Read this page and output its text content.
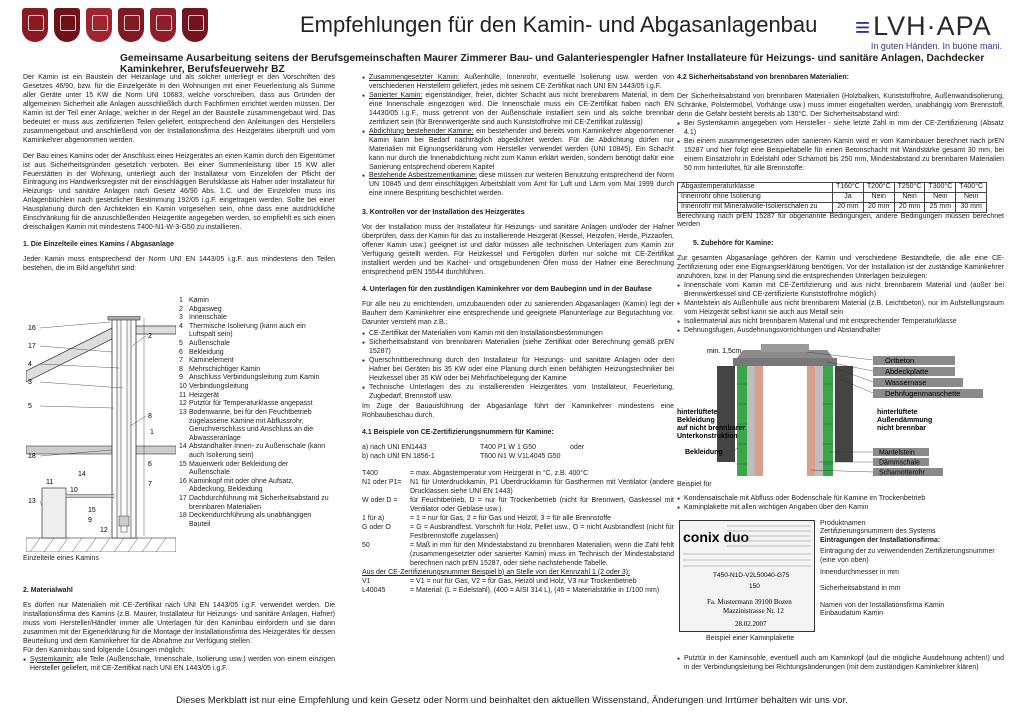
Empfehlungen für den Kamin- und Abgasanlagenbau ≡ LVH·APA
In guten Händen. In buone mani.
Gemeinsame Ausarbeitung seitens der Berufsgemeinschaften Maurer Zimmerer Bau- und Galanteriespengler Hafner Installateure für Heizungs- und sanitäre Anlagen, Dachdecker Kaminkehrer, Berufsfeuerwehr BZ

Der Kamin ist ein Baustein der Heizanlage und als solcher unterliegt er den Vorschriften des Gesetzes 46/90, bzw. für die Einzelgeräte in den Wohnungen mit einer Feuerleistung als Summe aller Geräte unter 15 KW die Norm UNI 10683, welche vorschreiben, dass aus Gründen der allgemeinen Sicherheit alle Anlagen ausschließlich durch Fachfirmen errichtet werden müssen. Der Kamin ist der Teil einer Anlage, welcher in der Regel an der Baustelle zusammengebaut wird. Das bedeutet er muss aus zertifizierten Teilen geliefert, entsprechend den Anleitungen des Herstellers zusammengebaut und anschließend von der Installationsfirma des Heizgerätes überprüft und vom Kaminkehrer abgenommen werden.

Der Bau eines Kamins oder der Anschluss eines Heizgerätes an einen Kamin durch den Eigentümer ist aus Sicherheitsgründen gesetzlich verboten. Bei einer Summenleistung über 15 KW aller Feuerstätten in der Wohnung, unterliegt auch der Installateur vom Einzelofen der Pflicht der Eintragung ins Handwerksregister mit der einschlägigen Berufsklasse als Hafner oder Installateur für Heizungs- und sanitäre Anlagen nach Gesetz 46/90 Abs. 1.C. und der Einzelofen muss ins Anlagenbüchlein nach gesetzlicher Bestimmung 192/05 i.g.F. eingetragen werden. Sollte bei einer Hausplanung durch den Architekten ein Kamin vorgesehen sein, ohne dass eine ausdrückliche Einschränkung für die anzuschließenden Heizgeräte angegeben werden, so empfiehlt es sich einen dreischaligen Kamin mit mindestens T400-N1-W-3-G50 zu installieren.

1. Die Einzelteile eines Kamins / Abgasanlage

Jeder Kamin muss entsprechend der Norm UNI EN 1443/05 i.g.F. aus mindestens den Teilen bestehen, die im Bild angeführt sind:

16
17
4
3
5
2
1
18
8
13
11
10
14
15
9
12
6
7
1 Kamin
2 Abgasweg
3 Innenschale
4 Thermische Isolierung (kann auch ein Luftspalt sein)
5 Außenschale
6 Bekleidung
7 Kaminelement
8 Mehrschichtiger Kamin
9 Anschluss Verbindungsleitung zum Kamin
10 Verbindungsleitung
11 Heizgerät
12 Putztür für Temperaturklasse angepasst
13 Bodenwanne, bei für den Feuchtbetrieb zugelassene Kamine mit Abflussrohr, Geruchverschluss und Anschluss an die Abwasseranlage
14 Abstandhalter Innen- zu Außenschale (kann auch Isolierung sein)
15 Mauerwerk oder Bekleidung der Außenschale
16 Kaminkopf mit oder ohne Aufsatz, Abdeckung, Bekleidung
17 Dachdurchführung mit Sicherheitsabstand zu brennbaren Materialien
18 Deckendurchführung als unabhängigen Bauteil
Einzelteile eines Kamins
2. Materialwahl

Es dürfen nur Materialien mit CE-Zertifikat nach UNI EN 1443/05 i.g.F. verwendet werden. Die Installationsfirma des Kamins (z.B. Maurer, Installateur für Heizungs- und sanitäre Anlagen, Hafner) muss vom Hersteller/Händler immer alle Unterlagen für den Kaminbau einfordern und sie dann zusammen mit der Eigenerklärung für die Montage der Installationsfirma des Heizgerätes für dessen Beurteilung und dem Kaminkehrer für die Abnahme zur Verfügung stellen.

Für den Kaminbau sind folgende Lösungen möglich:
● Systemkamin: alle Teile (Außenschale, Innenschale, Isolierung usw.) werden von einem einzigen Hersteller geliefert, mit CE-Zertifikat nach UNI EN 1443/05 i.g.F.
● Zusammengesetzter Kamin: Außenhülle, Innenrohr, eventuelle Isolierung usw. werden von verschiedenen Herstellern geliefert, jedes mit seinem CE-Zertifikat nach UNI EN 1443/05 i.g.F.
● Sanierter Kamin: eigenständiger, freier, dichter Schacht aus nicht brennbarem Material, in dem eine Innenschale eingezogen wird. Die Innenschale muss ein CE-Zertifikat haben nach EN 14430/05 i.g.F., muss getrennt von der Außenschale installiert sein und als solche brennbar zertifiziert sein (für Brennwertgeräte sind auch Kunststoffrohre mit CE-Zertifikat zulässig)
● Abdichtung bestehender Kamine: ein bestehender und bereits vom Kaminkehrer abgenommener Kamin kann bei Bedarf nachträglich abgedichtet werden. Für die Abdichtung dürfen nur Materialien mit Eignungserklärung vom Hersteller verwendet werden (UNI 10845). Ein Schacht kann nur durch die Innenabdichtung nicht zum Kamin erklärt werden, sondern benötigt dafür eine Sanierung entsprechend oberem Kapitel
● Bestehende Asbestzementkamine: diese müssen zur weiteren Benutzung entsprechend der Norm UN 10845 und dem einschlägigen Arbeitsblatt vom Arnt für Luft und Lärm vom Mai 1999 durch eine innere Bespritung beschichtet werden.
3. Kontrollen vor der Installation des Heizgerätes

Vor der Installation muss der Installateur für Heizungs- und sanitäre Anlagen und/oder der Hafner überprüfen, dass der Kamin für das zu installierende Heizgerät (Kessel, Heizofen, Herde, Pizzaofen, offener Kamin usw.) geeignet ist und dafür müssen alle technischen Unterlagen zum Kamin zur Verfügung gestellt werden. Für Heizkessel und Fertigöfen dürfen nur solche mit CE-Zertifikat installiert werden und bei Kachel- und ortsgebundenen Öfen muss der Hafner eine Berechnung entsprechend prEN 15544 durchführen.

4. Unterlagen für den zuständigen Kaminkehrer vor dem Baubeginn und in der Baufase

Für alle neu zu errichtenden, umzubauenden oder zu sanierenden Abgasanlagen (Kamin) legt der Bauherr dem Kaminkehrer eine entsprechende und geeignete Planunterlage zur Begutachtung vor. Darunter versteht man z.B.:

● CE-Zertifikat der Materialien vom Kamin mit den Installationsbestimmungen
● Sicherheitsabstand von brennbaren Materialien (siehe Zertifikat oder Berechnung gemäß prEN 15287)
● Querschnittberechnung durch den Installateur für Heizungs- und sanitäre Anlagen oder den Hafner bei Geräten bis 35 KW oder eine Planung durch einen befähigten Heizungstechniker bei Heizkessel über 35 KW oder bei Mehrfachbelegung der Kamine
● Technische Unterlagen des zu installierenden Heizgerätes vom Installateur, Feuerleitung, Zugbedarf, Brennstoff usw.

Im Zuge der Bauausführung der Abgasanlage führt der Kaminkehrer mindestens eine Rohbaubeschau durch.

4.1 Beispiele von CE-Zertifizierungsnummern für Kamine:
a) nach UNI EN1443	T400 P1 W 1 G50	oder
b) nach UNI EN 1856-1	T600 N1 W V1L4045 G50
T400	= max. Abgastemperatur vom Heizgerät in °C, z.B. 400°C
N1 oder P1=	N1 für Unterdruckkamin, P1 Überdruckkamin für Gasthermen mit Ventilator (andere Drucklassen siehe UNI EN 1443)
W oder D =	für Feuchtbetrieb, D = nur für Trockenbetrieb (nicht für Brennwert, Gaskessel mit Ventilator oder Geblase usw.)
1 für a)	= 1 = nur für Gas, 2 = für Gas und Heizöl, 3 = für alle Brennstoffe
G oder O	= G = Ausbrandfest, Vorschrift für Holz, Pellet usw., O = nicht Ausbrandfest (nicht für Festbrennstoffe zugelassen)
50	= Maß in mm für den Mindestabstand zu brennbaren Materialien, wenn die Zahl fehlt (zusammengesetzter oder sanierter Kamin) muss im Technisch der Mindestabstand berechnen nach prEN 15287, oder siehe nachstehende Tabelle.
Aus der CE-Zertifizierungsnummer Beispiel b) an Stelle von der Kennzahl 1 (2 oder 3):
V1	= V1 = nur für Gas, V2 = für Gas, Heizöl und Holz, V3 nur Trockenbetrieb
L40045	= Material: (L = Edelstahl), (400 = AISI 314 L), (45 = Materialstärke in 1/100 mm)
4.2 Sicherheitsabstand von brennbaren Materialien:

Der Sicherheitsabstand von brennbaren Materialien (Holzbalken, Kunststoffrohre, Außenwandisolierung, Schränke, Polstermöbel, Vorhänge usw.) muss immer eingehalten werden, unabhängig vom Brennstoff, denn die Gefahr besteht bereits ab 130°C. Der Sicherheitsabstand wird:

● Bei Systemkamin angegeben vom Hersteller - siehe letzte Zahl in mm der CE-Zertifizierung (Absatz 4.1)
● Bei einem zusammengesetzten oder sanierten Kamin wird er vom Kaminbauer berechnet nach prEN 15287 und hier folgt eine Beispieltabelle für einen Betonschacht mit Wandstärke gesamt 30 mm, bei einem Einsatzrohr in Edelstahl oder Schamott bis 250 mm, Mindestabstand zu brennbaren Materialien 50 mm hinterlüftet, für alle Brennstoffe:
Abgastemperaturklasse	T160°C	T200°C	T250°C	T300°C	T400°C
Innenrohr ohne Isolierung	Ja	Nein	Nein	Nein	Nein
Innenrohr mit Mineralwolle-Isolierschalen zu	20 mm	20 mm	20 mm	25 mm	30 mm
Berechnung nach prEN 15287 für obgenannte Bedingungen, andere Bedingungen müssen berechnet werden
5. Zubehöre für Kamine:

Zur gesamten Abgasanlage gehören der Kamin und verschiedene Bestandteile, die alle eine CE-Zertifizierung oder eine Eignungserklärung benötigen. Vor der Installation ist der zuständige Kaminkehrer anzuhören, bzw. in der Planung sind die entsprechenden Unterlagen beizulegen:

● Innenschale vom Kamin mit CE-Zertifizierung und aus nicht brennbarem Material und (außer bei Brennwertkessel sind CE-zertifizierte Kunststoffrohre möglich)
● Mantelstein als Außenhülle aus nicht brennbarem Material (z.B. Leichtbeton), nur im Aufstellungsraum vom Heizgerät selbst kann sie auch aus Metall sein
● Isoliermaterial aus nicht brennbarem Material und mit entsprechender Temperaturklasse
● Dehnungsfugen, Ausdehnungsvorrichtungen und Abstandhalter
min. 1,5cm
Ortbeton
Abdeckplatte
Wassernase
Dehnfugenmanschette
hinterlüftete
Bekleidung
auf nicht brennbarer
Unterkonstruktion
hinterlüftete
Außendämmung
nicht brennbar
Bekleidung	Mantelstein
Dämmschale
Schamotterohr
Beispiel für
● Kondensatschale mit Abfluss oder Bodenschale für Kamine im Trockenbetrieb
● Kaminplakette mit allen wichtigen Angaben über den Kamin
conix duo
T450-N1D-V2L50040-G75
150
Fa. Mustermann 39100 Bozen
Mazzinistrasse Nr. 12
28.02.2007
Produktnamen
Zertifizierungsnummern des Systems
Eintragungen der Installationsfirma:
Eintragung der zu verwendenden Zertifizierungsnummer (eine von oben)
Innendurchmesser in mm
Sicherheitsabstand in mm
Namen von der Installationsfirma Kamin
Einbaudatum Kamin
Beispiel einer Kaminplakette
● Putztür in der Kaminsohle, eventuell auch am Kaminkopf (auf die mögliche Ausdehnung achten!) und in der Verbindungsleitung bei Richtungsänderungen (mit dem zuständigen Kaminkehrer klären)
Dieses Merkblatt ist nur eine Empfehlung und kein Gesetz oder Norm und beinhaltet den aktuellen Wissenstand, Änderungen und Irrtümer behalten wir uns vor.
